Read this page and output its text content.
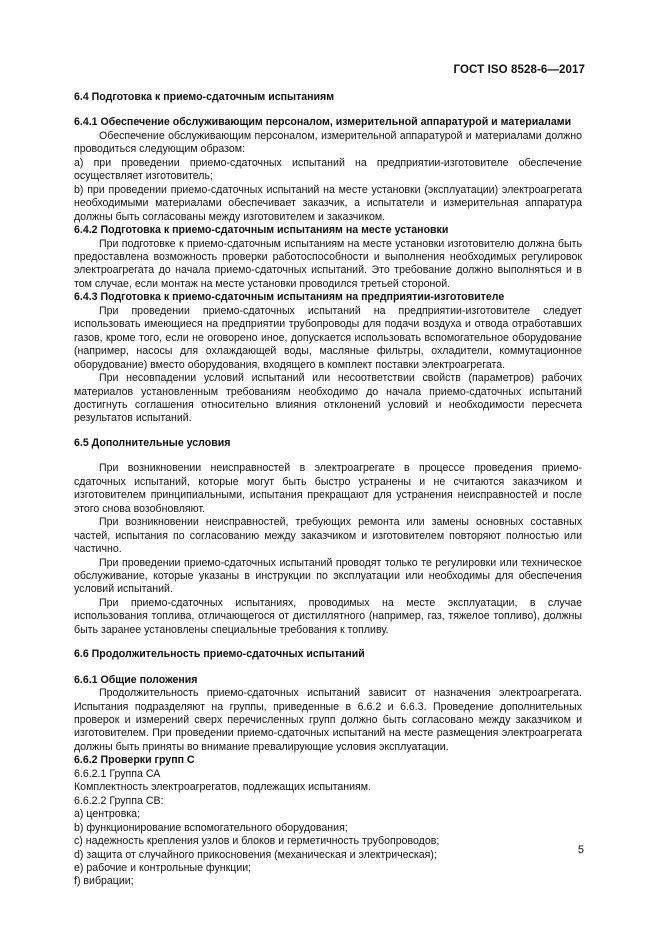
ГОСТ ISO 8528-6—2017

6.4 Подготовка к приемо-сдаточным испытаниям

6.4.1 Обеспечение обслуживающим персоналом, измерительной аппаратурой и материалами

Обеспечение обслуживающим персоналом, измерительной аппаратурой и материалами должно проводиться следующим образом:

a) при проведении приемо-сдаточных испытаний на предприятии-изготовителе обеспечение осуществляет изготовитель;

b) при проведении приемо-сдаточных испытаний на месте установки (эксплуатации) электроагрегата необходимыми материалами обеспечивает заказчик, а испытатели и измерительная аппаратура должны быть согласованы между изготовителем и заказчиком.

6.4.2 Подготовка к приемо-сдаточным испытаниям на месте установки

При подготовке к приемо-сдаточным испытаниям на месте установки изготовителю должна быть предоставлена возможность проверки работоспособности и выполнения необходимых регулировок электроагрегата до начала приемо-сдаточных испытаний. Это требование должно выполняться и в том случае, если монтаж на месте установки проводился третьей стороной.

6.4.3 Подготовка к приемо-сдаточным испытаниям на предприятии-изготовителе

При проведении приемо-сдаточных испытаний на предприятии-изготовителе следует использовать имеющиеся на предприятии трубопроводы для подачи воздуха и отвода отработавших газов, кроме того, если не оговорено иное, допускается использовать вспомогательное оборудование (например, насосы для охлаждающей воды, масляные фильтры, охладители, коммутационное оборудование) вместо оборудования, входящего в комплект поставки электроагрегата.

При несовпадении условий испытаний или несоответствии свойств (параметров) рабочих материалов установленным требованиям необходимо до начала приемо-сдаточных испытаний достигнуть соглашения относительно влияния отклонений условий и необходимости пересчета результатов испытаний.

6.5 Дополнительные условия

При возникновении неисправностей в электроагрегате в процессе проведения приемо-сдаточных испытаний, которые могут быть быстро устранены и не считаются заказчиком и изготовителем принципиальными, испытания прекращают для устранения неисправностей и после этого снова возобновляют.

При возникновении неисправностей, требующих ремонта или замены основных составных частей, испытания по согласованию между заказчиком и изготовителем повторяют полностью или частично.

При проведении приемо-сдаточных испытаний проводят только те регулировки или техническое обслуживание, которые указаны в инструкции по эксплуатации или необходимы для обеспечения условий испытаний.

При приемо-сдаточных испытаниях, проводимых на месте эксплуатации, в случае использования топлива, отличающегося от дистиллятного (например, газ, тяжелое топливо), должны быть заранее установлены специальные требования к топливу.

6.6 Продолжительность приемо-сдаточных испытаний

6.6.1 Общие положения

Продолжительность приемо-сдаточных испытаний зависит от назначения электроагрегата. Испытания подразделяют на группы, приведенные в 6.6.2 и 6.6.3. Проведение дополнительных проверок и измерений сверх перечисленных групп должно быть согласовано между заказчиком и изготовителем. При проведении приемо-сдаточных испытаний на месте размещения электроагрегата должны быть приняты во внимание превалирующие условия эксплуатации.

6.6.2 Проверки групп С

6.6.2.1 Группа СА

Комплектность электроагрегатов, подлежащих испытаниям.

6.6.2.2 Группа СВ:

a) центровка;

b) функционирование вспомогательного оборудования;

c) надежность крепления узлов и блоков и герметичность трубопроводов;

d) защита от случайного прикосновения (механическая и электрическая);

e) рабочие и контрольные функции;

f) вибрации;

5
